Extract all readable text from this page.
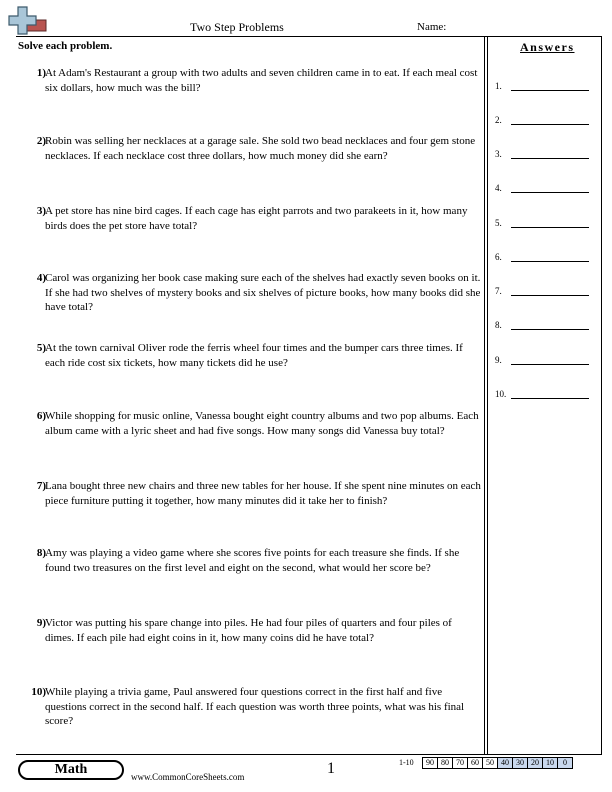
Two Step Problems	Name:
Solve each problem.
1) At Adam's Restaurant a group with two adults and seven children came in to eat. If each meal cost six dollars, how much was the bill?
2) Robin was selling her necklaces at a garage sale. She sold two bead necklaces and four gem stone necklaces. If each necklace cost three dollars, how much money did she earn?
3) A pet store has nine bird cages. If each cage has eight parrots and two parakeets in it, how many birds does the pet store have total?
4) Carol was organizing her book case making sure each of the shelves had exactly seven books on it. If she had two shelves of mystery books and six shelves of picture books, how many books did she have total?
5) At the town carnival Oliver rode the ferris wheel four times and the bumper cars three times. If each ride cost six tickets, how many tickets did he use?
6) While shopping for music online, Vanessa bought eight country albums and two pop albums. Each album came with a lyric sheet and had five songs. How many songs did Vanessa buy total?
7) Lana bought three new chairs and three new tables for her house. If she spent nine minutes on each piece furniture putting it together, how many minutes did it take her to finish?
8) Amy was playing a video game where she scores five points for each treasure she finds. If she found two treasures on the first level and eight on the second, what would her score be?
9) Victor was putting his spare change into piles. He had four piles of quarters and four piles of dimes. If each pile had eight coins in it, how many coins did he have total?
10) While playing a trivia game, Paul answered four questions correct in the first half and five questions correct in the second half. If each question was worth three points, what was his final score?
Answers
1.
2.
3.
4.
5.
6.
7.
8.
9.
10.
Math	www.CommonCoreSheets.com	1	1-10	90 80 70 60 50 40 30 20 10	0
